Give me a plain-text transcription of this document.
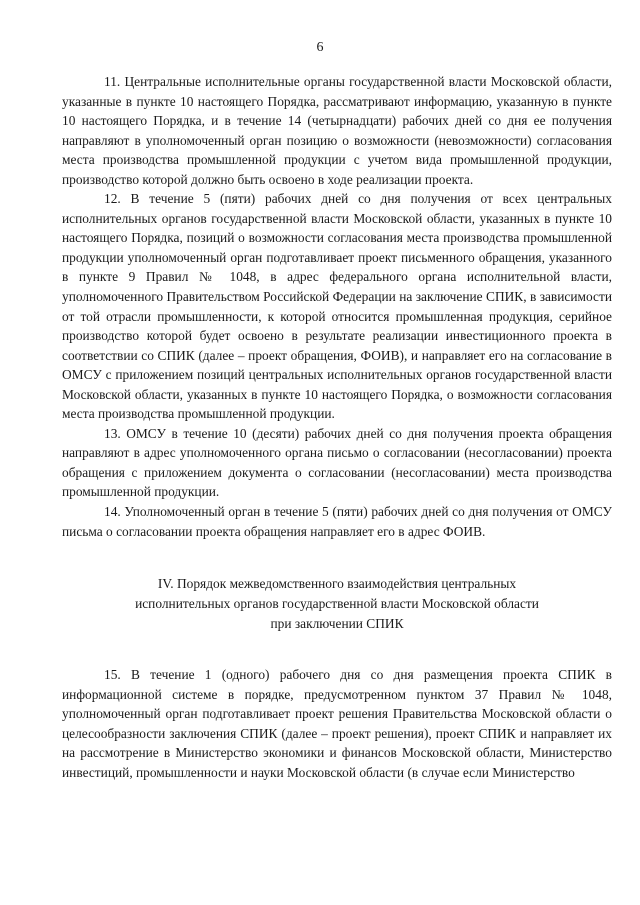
6

11. Центральные исполнительные органы государственной власти Московской области, указанные в пункте 10 настоящего Порядка, рассматривают информацию, указанную в пункте 10 настоящего Порядка, и в течение 14 (четырнадцати) рабочих дней со дня ее получения направляют в уполномоченный орган позицию о возможности (невозможности) согласования места производства промышленной продукции с учетом вида промышленной продукции, производство которой должно быть освоено в ходе реализации проекта.

12. В течение 5 (пяти) рабочих дней со дня получения от всех центральных исполнительных органов государственной власти Московской области, указанных в пункте 10 настоящего Порядка, позиций о возможности согласования места производства промышленной продукции уполномоченный орган подготавливает проект письменного обращения, указанного в пункте 9 Правил № 1048, в адрес федерального органа исполнительной власти, уполномоченного Правительством Российской Федерации на заключение СПИК, в зависимости от той отрасли промышленности, к которой относится промышленная продукция, серийное производство которой будет освоено в результате реализации инвестиционного проекта в соответствии со СПИК (далее – проект обращения, ФОИВ), и направляет его на согласование в ОМСУ с приложением позиций центральных исполнительных органов государственной власти Московской области, указанных в пункте 10 настоящего Порядка, о возможности согласования места производства промышленной продукции.

13. ОМСУ в течение 10 (десяти) рабочих дней со дня получения проекта обращения направляют в адрес уполномоченного органа письмо о согласовании (несогласовании) проекта обращения с приложением документа о согласовании (несогласовании) места производства промышленной продукции.

14. Уполномоченный орган в течение 5 (пяти) рабочих дней со дня получения от ОМСУ письма о согласовании проекта обращения направляет его в адрес ФОИВ.

IV. Порядок межведомственного взаимодействия центральных
исполнительных органов государственной власти Московской области
при заключении СПИК

15. В течение 1 (одного) рабочего дня со дня размещения проекта СПИК в информационной системе в порядке, предусмотренном пунктом 37 Правил № 1048, уполномоченный орган подготавливает проект решения Правительства Московской области о целесообразности заключения СПИК (далее – проект решения), проект СПИК и направляет их на рассмотрение в Министерство экономики и финансов Московской области, Министерство инвестиций, промышленности и науки Московской области (в случае если Министерство
